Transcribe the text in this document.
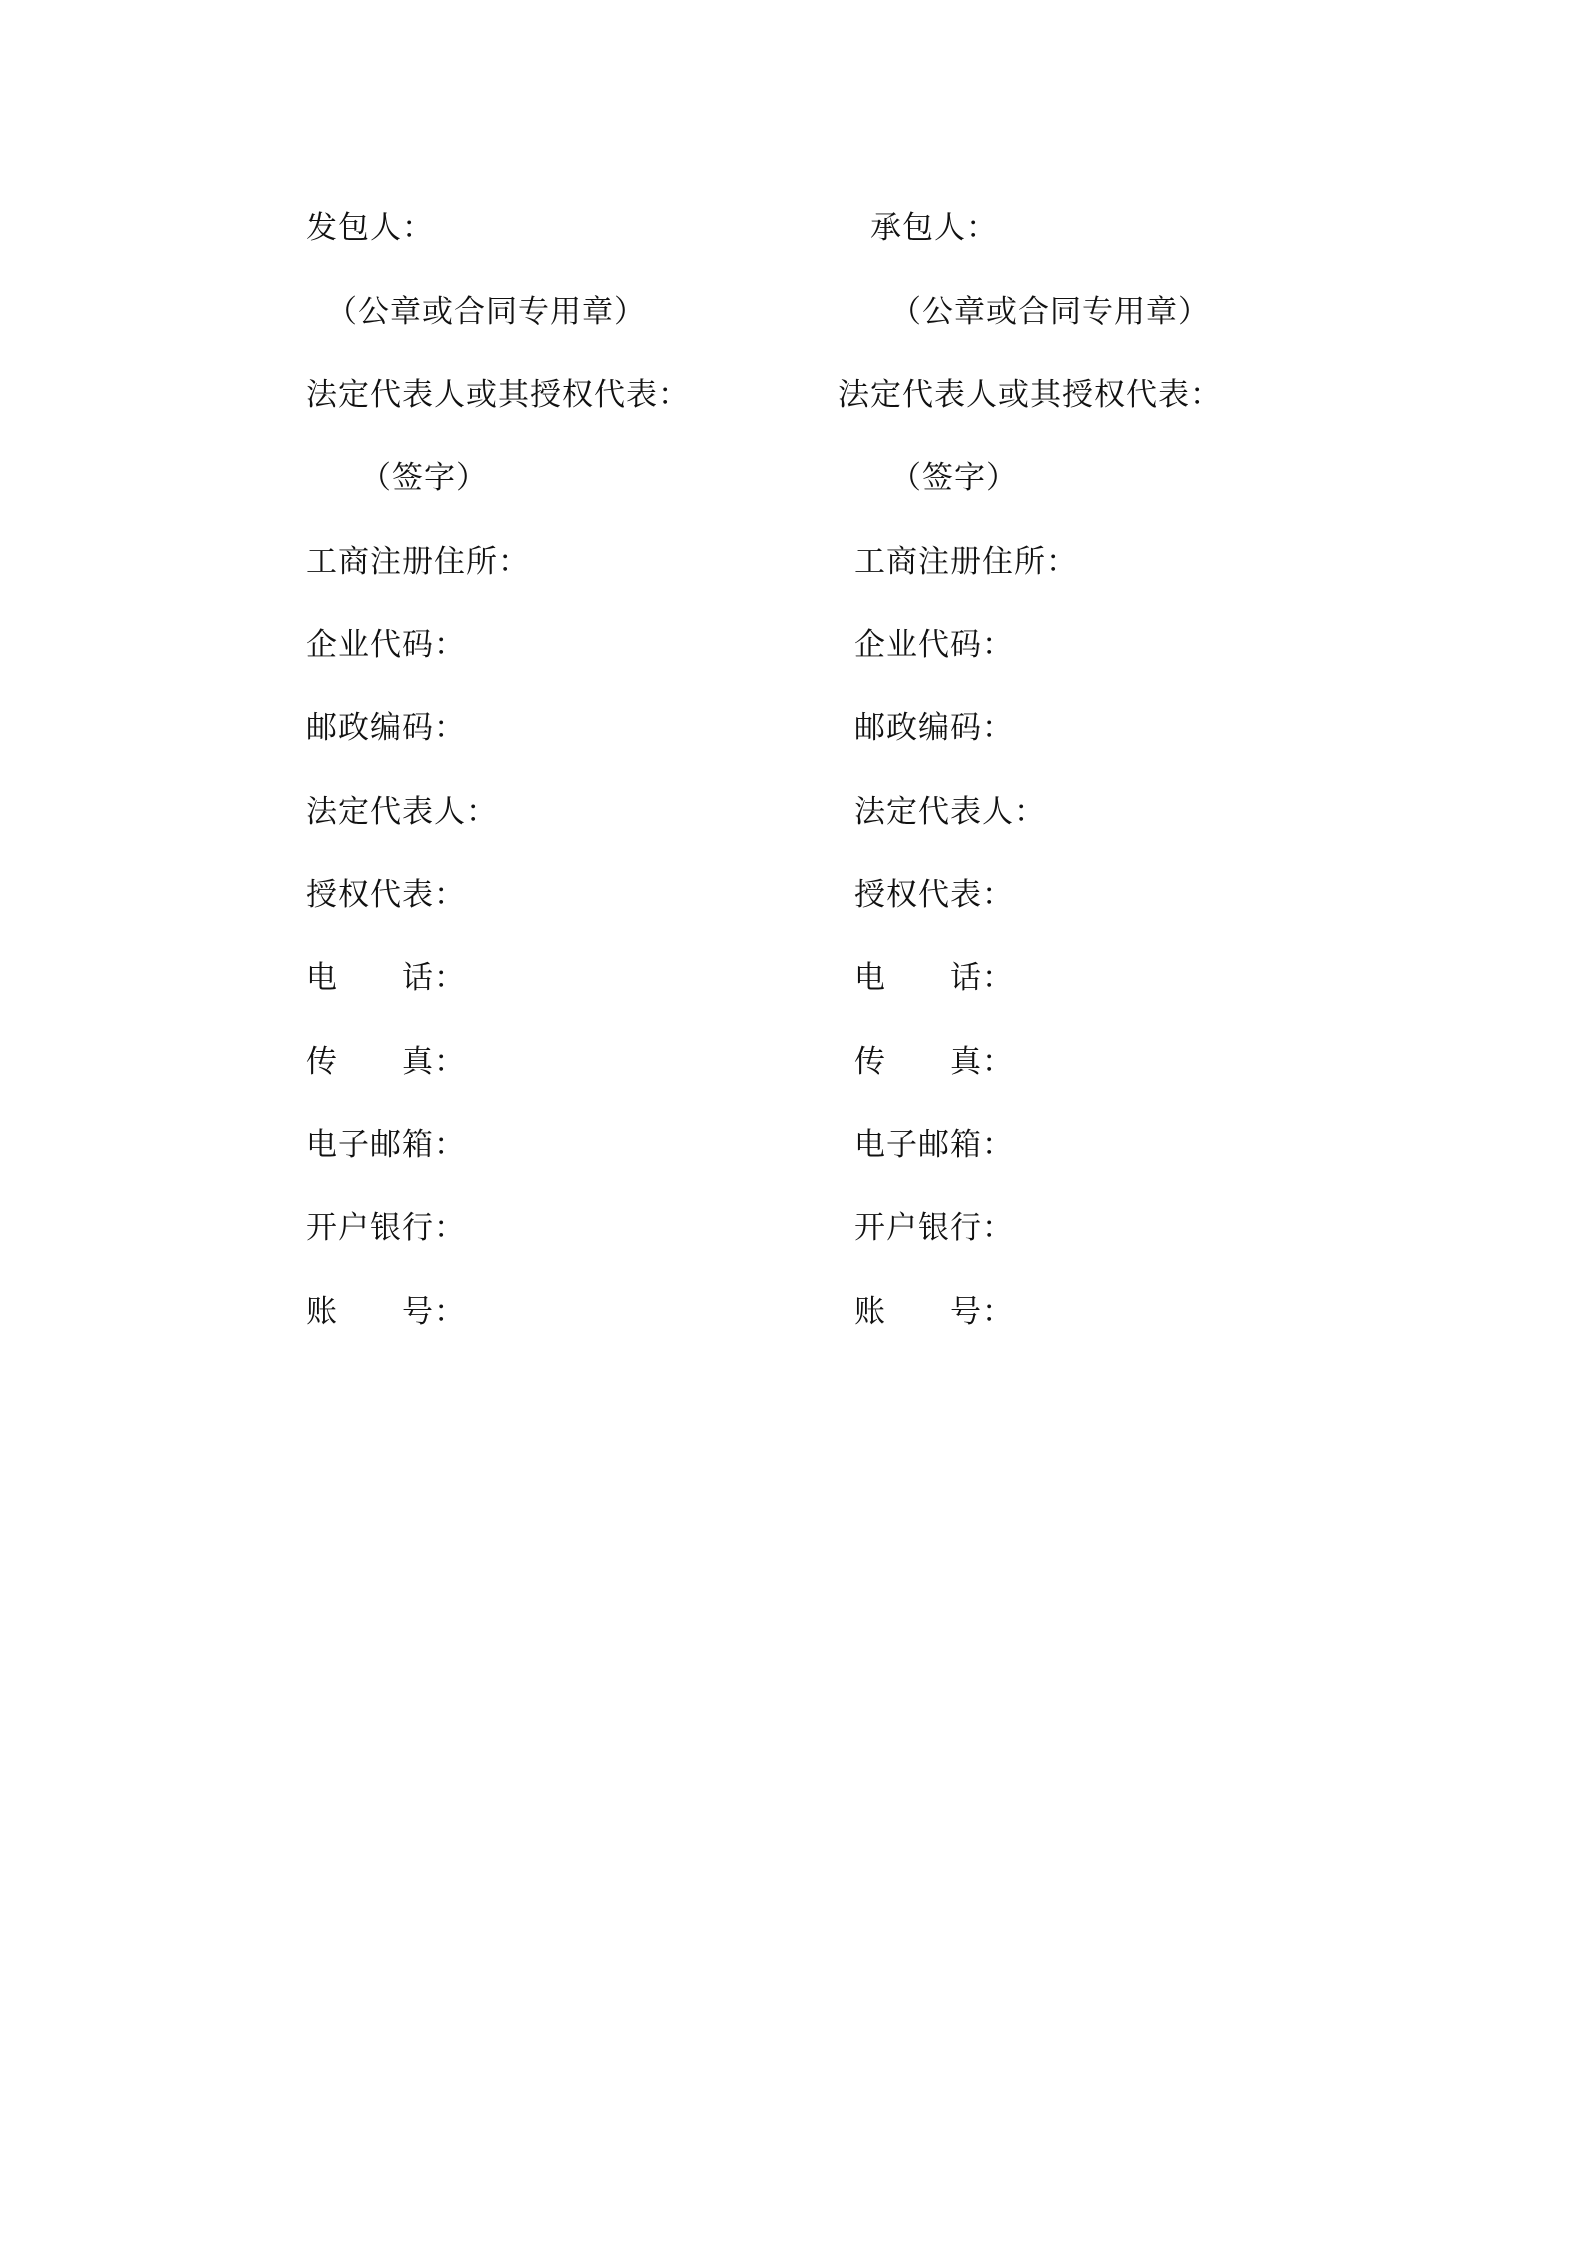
发包人：
（公章或合同专用章）
法定代表人或其授权代表：
（签字）
工商注册住所：
企业代码：
邮政编码：
法定代表人：
授权代表：
电 话：
传 真：
电子邮箱：
开户银行：
账 号：
承包人：
（公章或合同专用章）
法定代表人或其授权代表：
（签字）
工商注册住所：
企业代码：
邮政编码：
法定代表人：
授权代表：
电 话：
传 真：
电子邮箱：
开户银行：
账 号：
